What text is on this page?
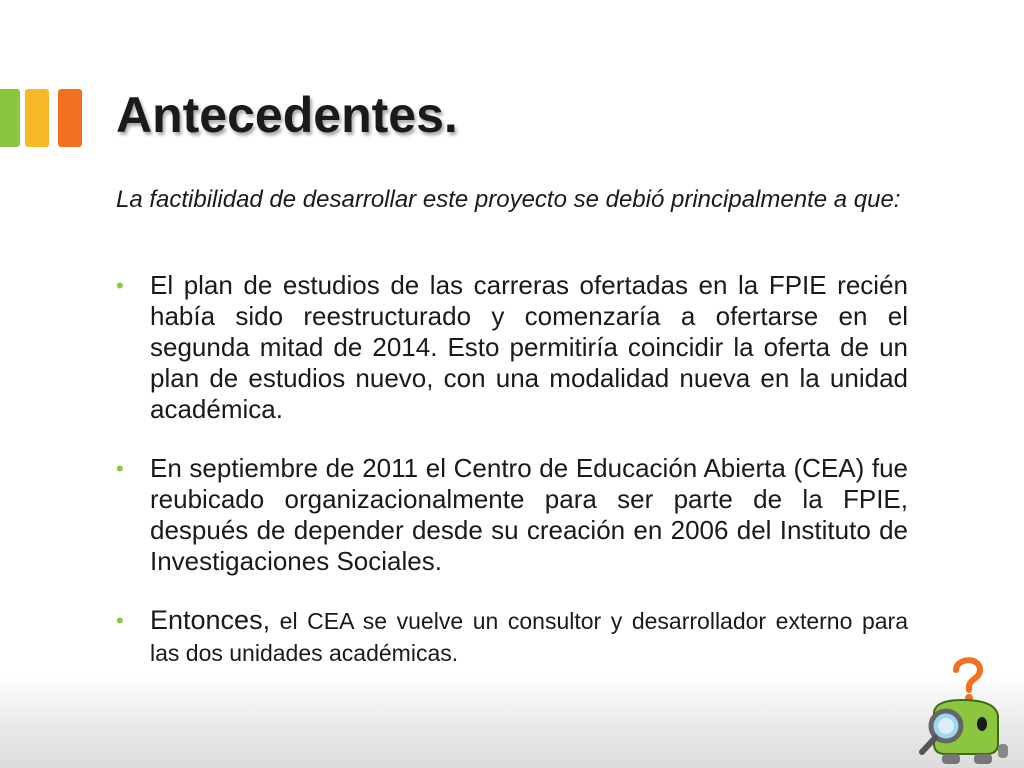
Antecedentes.
La factibilidad de desarrollar este proyecto se debió principalmente a que:
• El plan de estudios de las carreras ofertadas en la FPIE recién había sido reestructurado y comenzaría a ofertarse en el segunda mitad de 2014. Esto permitiría coincidir la oferta de un plan de estudios nuevo, con una modalidad nueva en la unidad académica.
• En septiembre de 2011 el Centro de Educación Abierta (CEA) fue reubicado organizacionalmente para ser parte de la FPIE, después de depender desde su creación en 2006 del Instituto de Investigaciones Sociales.
• Entonces, el CEA se vuelve un consultor y desarrollador externo para las dos unidades académicas.
